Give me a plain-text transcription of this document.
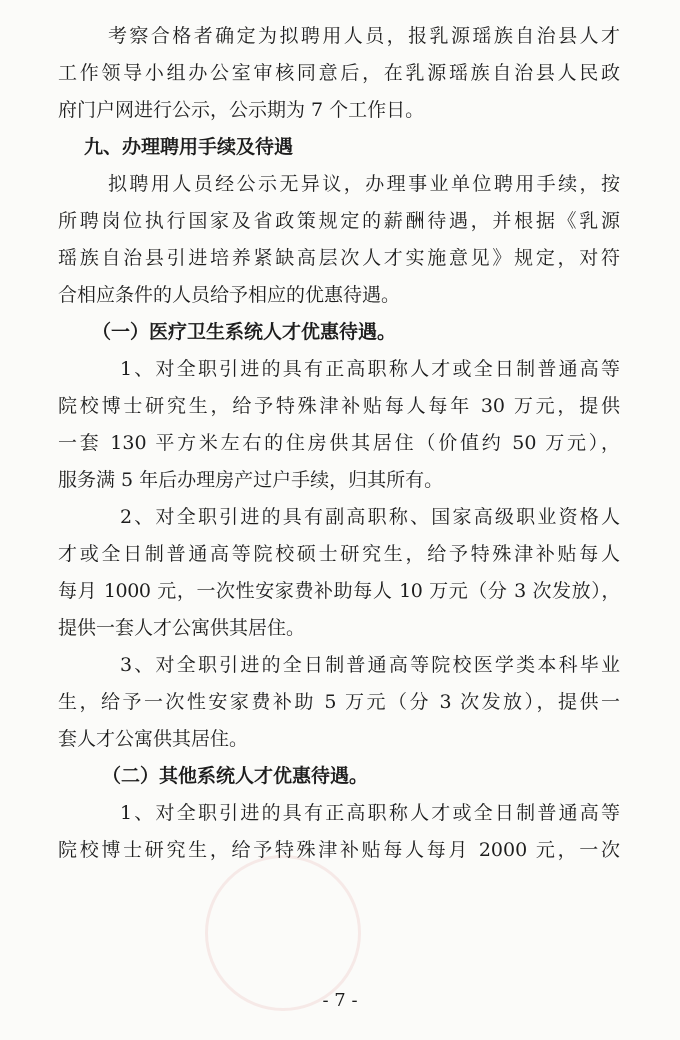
考察合格者确定为拟聘用人员，报乳源瑶族自治县人才
工作领导小组办公室审核同意后，在乳源瑶族自治县人民政
府门户网进行公示，公示期为 7 个工作日。
九、办理聘用手续及待遇
拟聘用人员经公示无异议，办理事业单位聘用手续，按
所聘岗位执行国家及省政策规定的薪酬待遇，并根据《乳源
瑶族自治县引进培养紧缺高层次人才实施意见》规定，对符
合相应条件的人员给予相应的优惠待遇。
（一）医疗卫生系统人才优惠待遇。
1、对全职引进的具有正高职称人才或全日制普通高等
院校博士研究生，给予特殊津补贴每人每年 30 万元，提供
一套 130 平方米左右的住房供其居住（价值约 50 万元），
服务满 5 年后办理房产过户手续，归其所有。
2、对全职引进的具有副高职称、国家高级职业资格人
才或全日制普通高等院校硕士研究生，给予特殊津补贴每人
每月 1000 元，一次性安家费补助每人 10 万元（分 3 次发放），
提供一套人才公寓供其居住。
3、对全职引进的全日制普通高等院校医学类本科毕业
生，给予一次性安家费补助 5 万元（分 3 次发放），提供一
套人才公寓供其居住。
（二）其他系统人才优惠待遇。
1、对全职引进的具有正高职称人才或全日制普通高等
院校博士研究生，给予特殊津补贴每人每月 2000 元，一次
- 7 -
